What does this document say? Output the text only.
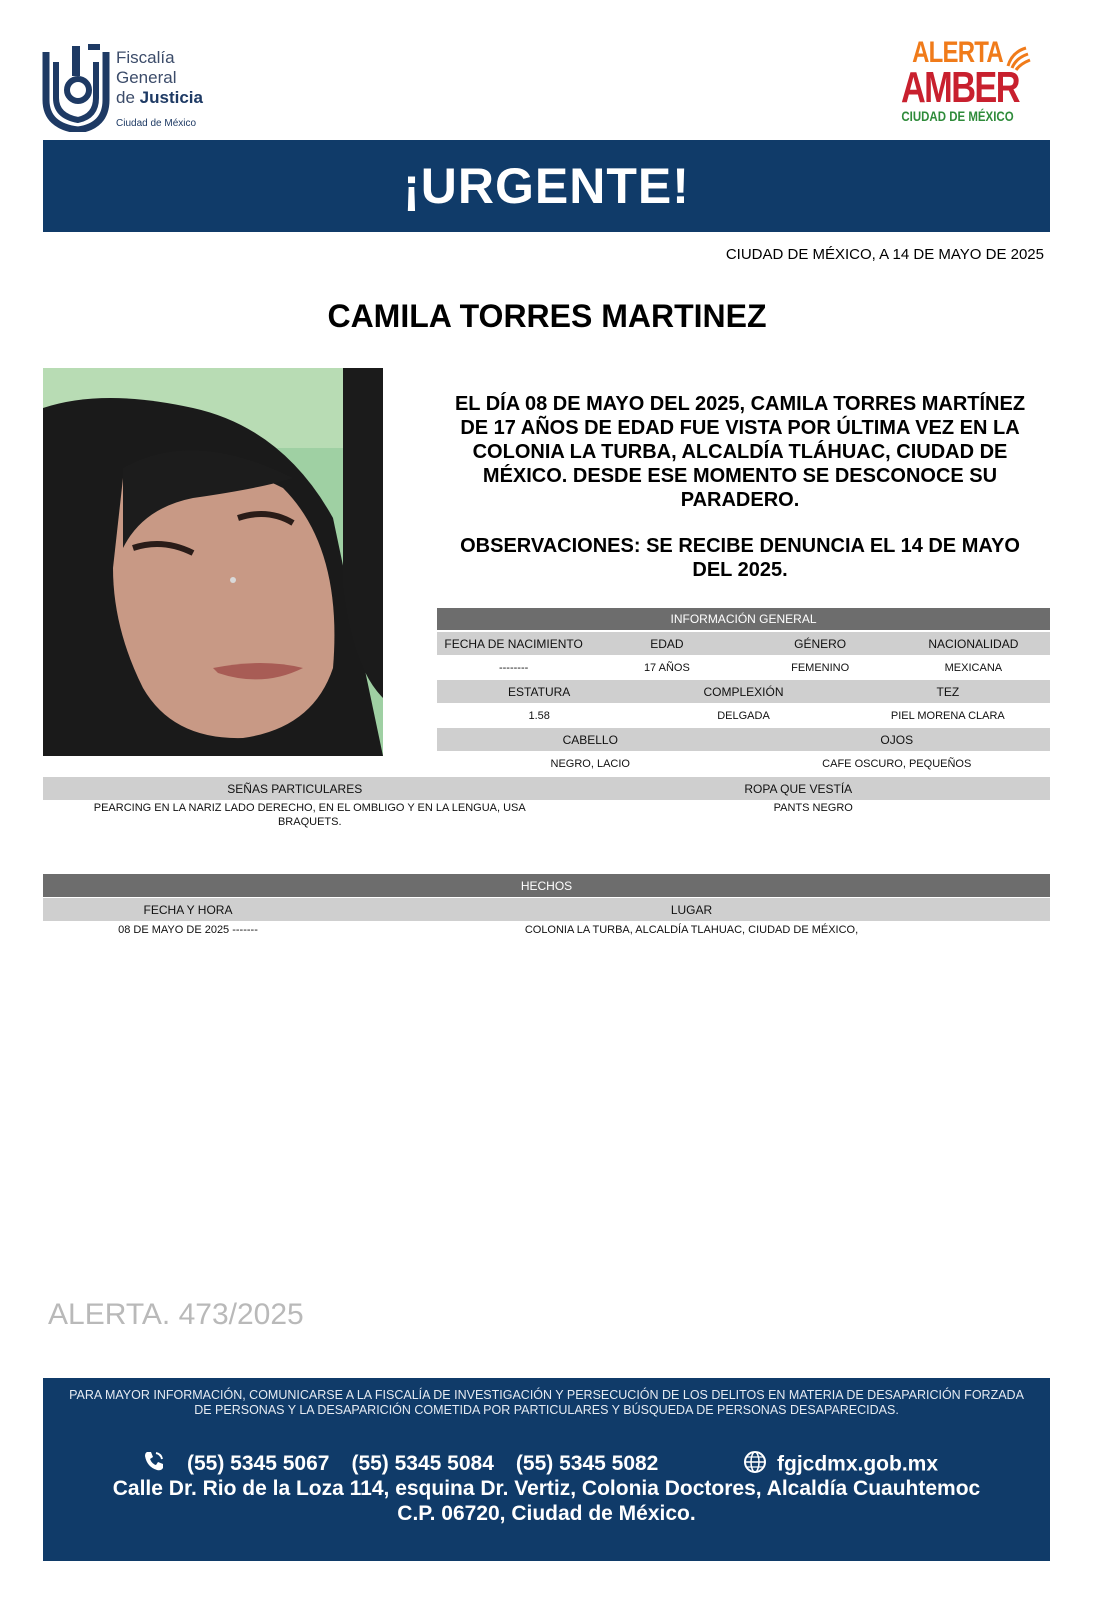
Fiscalía
General
de Justicia
Ciudad de México
ALERTA
AMBER
CIUDAD DE MÉXICO
¡URGENTE!
CIUDAD DE MÉXICO, A 14 DE MAYO DE 2025
CAMILA TORRES MARTINEZ
EL DÍA 08 DE MAYO DEL 2025, CAMILA TORRES MARTÍNEZ DE 17 AÑOS DE EDAD FUE VISTA POR ÚLTIMA VEZ EN LA COLONIA LA TURBA, ALCALDÍA TLÁHUAC, CIUDAD DE MÉXICO. DESDE ESE MOMENTO SE DESCONOCE SU PARADERO.
OBSERVACIONES: SE RECIBE DENUNCIA EL 14 DE MAYO DEL 2025.
INFORMACIÓN GENERAL
FECHA DE NACIMIENTO	EDAD	GÉNERO	NACIONALIDAD
--------	17 AÑOS	FEMENINO	MEXICANA
ESTATURA	COMPLEXIÓN	TEZ
1.58	DELGADA	PIEL MORENA CLARA
CABELLO	OJOS
NEGRO, LACIO	CAFE OSCURO, PEQUEÑOS
SEÑAS PARTICULARES	ROPA QUE VESTÍA
PEARCING EN LA NARIZ LADO DERECHO, EN EL OMBLIGO Y EN LA LENGUA, USA BRAQUETS.
PANTS NEGRO
HECHOS
FECHA Y HORA	LUGAR
08 DE MAYO DE 2025 -------	COLONIA LA TURBA, ALCALDÍA TLAHUAC, CIUDAD DE MÉXICO,
ALERTA. 473/2025
PARA MAYOR INFORMACIÓN, COMUNICARSE A LA FISCALÍA DE INVESTIGACIÓN Y PERSECUCIÓN DE LOS DELITOS EN MATERIA DE DESAPARICIÓN FORZADA DE PERSONAS Y LA DESAPARICIÓN COMETIDA POR PARTICULARES Y BÚSQUEDA DE PERSONAS DESAPARECIDAS.
(55) 5345 5067 (55) 5345 5084 (55) 5345 5082	fgjcdmx.gob.mx
Calle Dr. Rio de la Loza 114, esquina Dr. Vertiz, Colonia Doctores, Alcaldía Cuauhtemoc
C.P. 06720, Ciudad de México.
